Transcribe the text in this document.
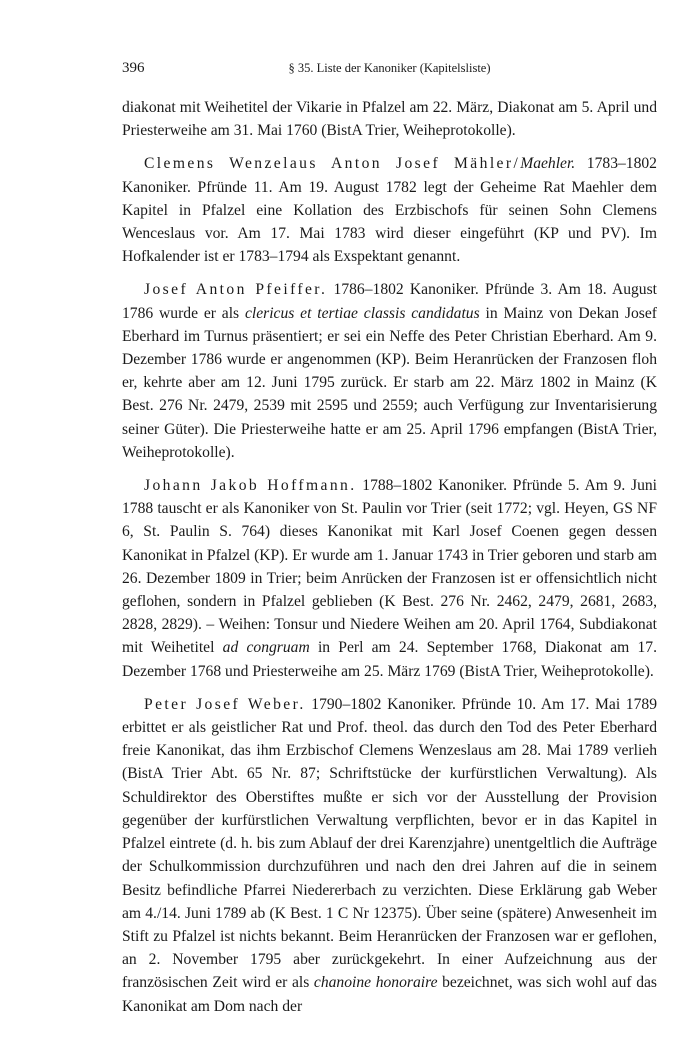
396	§ 35. Liste der Kanoniker (Kapitelsliste)

diakonat mit Weihetitel der Vikarie in Pfalzel am 22. März, Diakonat am 5. April und Priesterweihe am 31. Mai 1760 (BistA Trier, Weiheprotokolle).

Clemens Wenzelaus Anton Josef Mähler/Maehler. 1783–1802 Kanoniker. Pfründe 11. Am 19. August 1782 legt der Geheime Rat Maehler dem Kapitel in Pfalzel eine Kollation des Erzbischofs für seinen Sohn Clemens Wenceslaus vor. Am 17. Mai 1783 wird dieser eingeführt (KP und PV). Im Hofkalender ist er 1783–1794 als Exspektant genannt.

Josef Anton Pfeiffer. 1786–1802 Kanoniker. Pfründe 3. Am 18. August 1786 wurde er als clericus et tertiae classis candidatus in Mainz von Dekan Josef Eberhard im Turnus präsentiert; er sei ein Neffe des Peter Christian Eberhard. Am 9. Dezember 1786 wurde er angenommen (KP). Beim Heranrücken der Franzosen floh er, kehrte aber am 12. Juni 1795 zurück. Er starb am 22. März 1802 in Mainz (K Best. 276 Nr. 2479, 2539 mit 2595 und 2559; auch Verfügung zur Inventarisierung seiner Güter). Die Priesterweihe hatte er am 25. April 1796 empfangen (BistA Trier, Weiheprotokolle).

Johann Jakob Hoffmann. 1788–1802 Kanoniker. Pfründe 5. Am 9. Juni 1788 tauscht er als Kanoniker von St. Paulin vor Trier (seit 1772; vgl. Heyen, GS NF 6, St. Paulin S. 764) dieses Kanonikat mit Karl Josef Coenen gegen dessen Kanonikat in Pfalzel (KP). Er wurde am 1. Januar 1743 in Trier geboren und starb am 26. Dezember 1809 in Trier; beim Anrücken der Franzosen ist er offensichtlich nicht geflohen, sondern in Pfalzel geblieben (K Best. 276 Nr. 2462, 2479, 2681, 2683, 2828, 2829). – Weihen: Tonsur und Niedere Weihen am 20. April 1764, Subdiakonat mit Weihetitel ad congruam in Perl am 24. September 1768, Diakonat am 17. Dezember 1768 und Priesterweihe am 25. März 1769 (BistA Trier, Weiheprotokolle).

Peter Josef Weber. 1790–1802 Kanoniker. Pfründe 10. Am 17. Mai 1789 erbittet er als geistlicher Rat und Prof. theol. das durch den Tod des Peter Eberhard freie Kanonikat, das ihm Erzbischof Clemens Wenzeslaus am 28. Mai 1789 verlieh (BistA Trier Abt. 65 Nr. 87; Schriftstücke der kurfürstlichen Verwaltung). Als Schuldirektor des Oberstiftes mußte er sich vor der Ausstellung der Provision gegenüber der kurfürstlichen Verwaltung verpflichten, bevor er in das Kapitel in Pfalzel eintrete (d. h. bis zum Ablauf der drei Karenzjahre) unentgeltlich die Aufträge der Schulkommission durchzuführen und nach den drei Jahren auf die in seinem Besitz befindliche Pfarrei Niedererbach zu verzichten. Diese Erklärung gab Weber am 4./14. Juni 1789 ab (K Best. 1 C Nr 12375). Über seine (spätere) Anwesenheit im Stift zu Pfalzel ist nichts bekannt. Beim Heranrücken der Franzosen war er geflohen, an 2. November 1795 aber zurückgekehrt. In einer Aufzeichnung aus der französischen Zeit wird er als chanoine honoraire bezeichnet, was sich wohl auf das Kanonikat am Dom nach der
